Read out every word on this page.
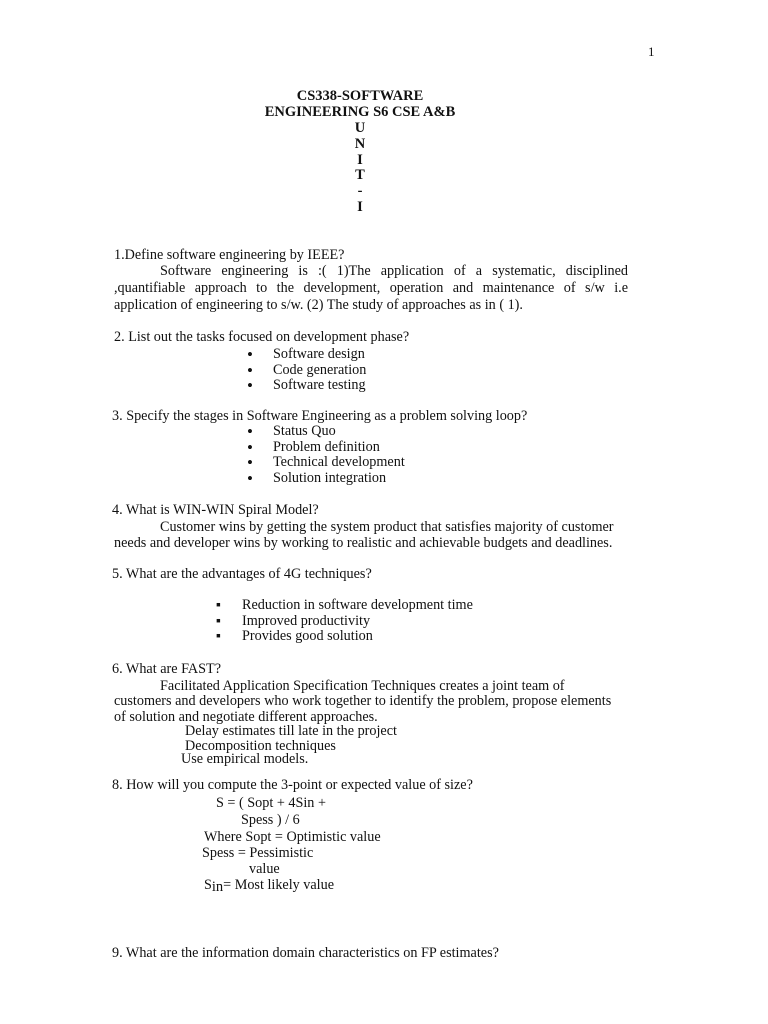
1
CS338-SOFTWARE
ENGINEERING S6 CSE A&B
U
N
I
T
-
I
1.Define software engineering by IEEE?
Software engineering is :( 1)The application of a systematic, disciplined
,quantifiable approach to the development, operation and maintenance of s/w i.e
application of engineering to s/w. (2) The study of approaches as in ( 1).
2. List out the tasks focused on development phase?
• Software design
• Code generation
• Software testing
3. Specify the stages in Software Engineering as a problem solving loop?
• Status Quo
• Problem definition
• Technical development
• Solution integration
4. What is WIN-WIN Spiral Model?
Customer wins by getting the system product that satisfies majority of customer
needs and developer wins by working to realistic and achievable budgets and deadlines.
5. What are the advantages of 4G techniques?
▪ Reduction in software development time
▪ Improved productivity
▪ Provides good solution
6. What are FAST?
Facilitated Application Specification Techniques creates a joint team of
customers and developers who work together to identify the problem, propose elements
of solution and negotiate different approaches.
Delay estimates till late in the project
Decomposition techniques
Use empirical models.
8. How will you compute the 3-point or expected value of size?
S = ( Sopt + 4Sin +
Spess ) / 6
Where Sopt = Optimistic value
Spess = Pessimistic
value
Sin= Most likely value
9. What are the information domain characteristics on FP estimates?
